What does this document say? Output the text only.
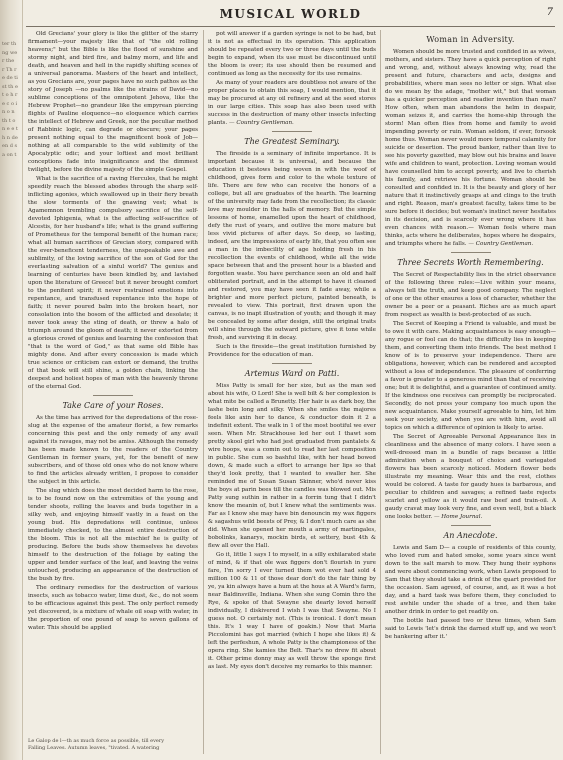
ter th ng wer the r Th re de ti st th e t o h re c o in o n th t on e e th n de en d s a on t
MUSICAL WORLD	7

Old Grecians' your glory is like the glitter of the starry firmament—your majesty like that of "the old rolling heavens;" but the Bible is like the flood of sunshine and stormy night, and bird fire, and balmy morn, and life and death, and heaven and hell in the rapidly shifting scenes of a universal panorama. Masters of the heart and intellect, as you Grecians are, your pages have no such pathos as the story of Joseph —no psalms like the strains of David—no sublime conceptions of the omnipotent Jehova, like the Hebrew Prophet—no grandeur like the empyrean piercing flights of Pauline eloquence—no eloquence which carries the intellect of Hebrew and Greek, nor the peculiar method of Rabbinic logic, can degrade or obscure; your pages present nothing equal to the magnificent book of Job—nothing at all comparable to the wild sublimity of the Apocalyptic odic; and your loftiest and most brilliant conceptions fade into insignificance and the dimmest twilight, before the divine majesty of the simple Gospel.

What is the sacrifice of a raving Hercules, that he might speedily reach the blessed abodes through the sharp self-inflicting agonies, which swallowed up in their fiery breath the slow torments of the gnawing vest; what is Agamemnon trembling compulsory sacrifice of the self-devoted Iphigenia, what is the affecting self-sacrifice of Alcestis, for her husband's life; what is the grand suffering of Prometheus for the temporal benefit of the human race; what all human sacrifices of Grecian story, compared with the ever-beneficent tenderness, the unspeakable awe and sublimity, of the loving sacrifice of the son of God for the everlasting salvation of a sinful world? The genius and learning of centuries have been kindled by, and lavished upon the literature of Greece! but it never brought comfort to the penitent spirit; it never restrained emotions into repentance, and transfused repentance into the hope of faith; it never poured balm into the broken heart, nor consolation into the bosom of the afflicted and desolate; it never took away the sting of death, or threw a halo of triumph around the gloom of death; it never extorted from a glorious crowd of genius and learning the confession that "that is the word of God," as that same old Bible has mighty done. And after every concession is made which true science or criticism can extort or demand, the truths of that book will still shine, a golden chain, linking the deepest and holiest hopes of man with the heavenly throne of the eternal God.

Take Care of your Roses.

As the time has arrived for the depredations of the rose-slug at the expense of the amateur florist, a few remarks concerning this pest and the only remedy of any avail against its ravages, may not be amiss. Although the remedy has been made known to the readers of the Country Gentleman in former years, yet, for the benefit of new subscribers, and of those old ones who do not know where to find the articles already written, I propose to consider the subject in this article.

The slug which does the most decided harm to the rose, is to be found now on the extremities of the young and tender shoots, rolling the leaves and buds together in a silky web, and enjoying himself vastly in a feast on the young bud. His depredations will continue, unless immediately checked, to the almost entire destruction of the bloom. This is not all the mischief he is guilty of producing. Before the buds show themselves he devotes himself to the destruction of the foliage by eating the upper and tender surface of the leaf, and leaving the veins untouched, producing an appearance of the destruction of the bush by fire.

The ordinary remedies for the destruction of various insects, such as tobacco water, lime dust, &c., do not seem to be efficacious against this pest. The only perfect remedy yet discovered, is a mixture of whale oil soap with water, in the proportion of one pound of soap to seven gallons of water. This should be applied

Le Galop de l—th as much force as possible, till every
Falling Leaves. Autumn leaves, "tivated. A watering

pot will answer if a garden syringe is not to be had, but it is not as effectual in its operation. This application should be repeated every two or three days until the buds begin to expand, when its use must be discontinued until the bloom is over; its use should then be resumed and continued as long as the necessity for its use remains.

As many of your readers are doubtless not aware of the proper places to obtain this soap, I would mention, that it may be procured at any oil refinery and at the seed stores in our large cities. This soap has also been used with success in the destruction of many other insects infecting plants. — Country Gentleman.

The Greatest Seminary.

The fireside is a seminary of infinite importance. It is important because it is universal, and because the education it bestows being woven in with the woof of childhood, gives form and color to the whole texture of life. There are few who can receive the honors of a college, but all are graduates of the hearth. The learning of the university may fade from the recollection; its classic love may moulder in the halls of memory. But the simple lessons of home, enamelled upon the heart of childhood, defy the rust of years, and outlive the more mature but less vivid pictures of after days. So deep, so lasting, indeed, are the impressions of early life, that you often see a man in the imbecility of age holding fresh in his recollection the events of childhood, while all the wide space between that and the present hour is a blasted and forgotten waste. You have perchance seen an old and half obliterated portrait, and in the attempt to have it cleaned and restored, you may have seen it fade away, while a brighter and more perfect picture, painted beneath, is revealed to view. This portrait, first drawn upon the canvas, is no inapt illustration of youth; and though it may be concealed by some after design, still the original traits will shine through the outward picture, give it tone while fresh, and surviving it in decay.

Such is the fireside—the great institution furnished by Providence for the education of man.

Artemus Ward on Patti.

Miss Patty is small for her size, but as the man sed about his wife, O Lord! She is well bilt & her complexion is what mite be called a Brunetty. Her hair is as dark boy, the lashe bein long and silky. When she smiles the majores feels like axin her to dance, & conductor doin it 2 a indefinit extent. The walk in 1 of the most bootiful we ever seen. When Mr. Strackhouse led her out I thawt som pretty skool girl who had jest graduated from pantalets & wire hoops, was a comin out to read her last composition in public. She cum so bashful like, with her head bowed down, & made such a effort to arrange her lips so that they'd look pretty, that I wanted to swaller her. She reminded me of Susan Susan Skinner, who'd never kiss the boys at parin bees till the candles was blowed out. Mis Patty sung suthin in rather in a forrin tung that I didn't know the meanin of, but I knew what the sentiments was. Far as I know she may have bin denouncin my wax figgers & sagashus wild beests of Prey, & I don't much care as she did. When she opened her mouth a army of martingales, bobolinks, kanarys, mockin birds, et settery, bust 4th & flew all over the Hall.

Go it, little 1 says I to myself, in a silly exhilarated state of mind, & if that ole wax figgers don't flourish in yure fare, I'm sorry I ever turned them wot ever had sold 4 million 100 & 11 of those dear don't do the fair thing by ye, ya kin always have a hum at the hous at A Ward's farm, near Baldinsville, Indiana. When she sung Comin thro the Rye, & spoke of that Swayne she dearly loved herself individually, I diskivered I wish I was that Swayne. No I guess not. O certainly not. (This is ironical. I don't mean this. It's 1 way I have of goakin.) Now that Maria Piccolomini has got married (which I hope she likes it) & left the perfeshun, A whole Patty is the championess of the opera ring. She kamies the Belt. Thar's no drew fit about it. Other prime donny may as well throw the sponge first as last. My eyes don't deceive my remarks to this manner.

Woman in Adversity.

Women should be more trusted and confided in as wives, mothers, and sisters. They have a quick perception of right and wrong, and, without always knowing why, read the present and future, characters and acts, designs and probabilities, where man sees no letter or sign. What else do we mean by the adage, "mother wit," but that woman has a quicker perception and readier invention than man? How often, when man abandons the helm in despair, woman seizes it, and carries the home-ship through the storm! Man often flies from home and family to avoid impending poverty or ruin. Woman seldom, if ever, forsook home thus. Woman never would more temporal calamity for suicide or desertion. The proud banker, rather than live to see his poverty gazetted, may blow out his brains and leave wife and children to want, protection. Loving woman would have counselled him to accept poverty, and live to cherish his family, and retrieve his fortune. Woman should be consulted and confided in. It is the beauty and glory of her nature that it instinctively grasps at and clings to the truth and right. Reason, man's greatest faculty, takes time to be sure before it decides; but woman's instinct never hesitates in its decision, and is scarcely ever wrong where it has even chances with reason.— Woman feels where man thinks, acts where he deliberates, hopes where he despairs, and triumphs where he falls. — Country Gentleman.

Three Secrets Worth Remembering.

The Secret of Respectability lies in the strict observance of the following three rules:—Live within your means, always tell the truth, and keep good company. The neglect of one or the other ensures a loss of character, whether the owner be a peer or a peasant. Riches are as much apart from respect as wealth is best-protected of as such.

The Secret of Keeping a Friend is valuable, and must be to owe it with care. Making acquaintances is easy enough—any rogue or fool can do that; the difficulty lies in keeping them, and converting them into friends. The best method I know of is to preserve your independence. There are obligations, however, which can be rendered and accepted without a loss of independence. The pleasure of conferring a favor is greater to a generous mind than that of receiving one; but it is delightful, and a guarantee of continued amity. If the kindness one receives can promptly be reciprocated. Secondly, do not press your company too much upon the new acquaintance. Make yourself agreeable to him, let him seek your society, and when you are with him, avoid all topics on which a difference of opinion is likely to arise.

The Secret of Agreeable Personal Appearance lies in cleanliness and the absence of many colors. I have seen a well-dressed man in a bundle of rags because a little admiration when a bouquet of choice and variegated flowers has been scarcely noticed. Modern flower beds illustrate my meaning. Wear this and the rest, clothes would be colored. A taste for gaudy hues is barbarous, and peculiar to children and savages; a refined taste rejects scarlet and yellow as it would raw beef and train-oil. A gaudy cravat may look very fine, and even well, but a black one looks better. — Home Journal.

An Anecdote.

Lewis and Sam D— a couple of residents of this county, who loved rum and hated smoke, some years since went down to the salt marsh to mow. They hung their syphons and were about commencing work, when Lewis proposed to Sam that they should take a drink of the quart provided for the occasion. Sam agreed, of course, and, as it was a hot day, and a hard task was before them, they concluded to rest awhile under the shade of a tree, and then take another drink in order to get readily on.

The bottle had passed two or three times, when Sam said to Lewis 'let's drink the darned stuff up, and we won't be hankering after it.'
